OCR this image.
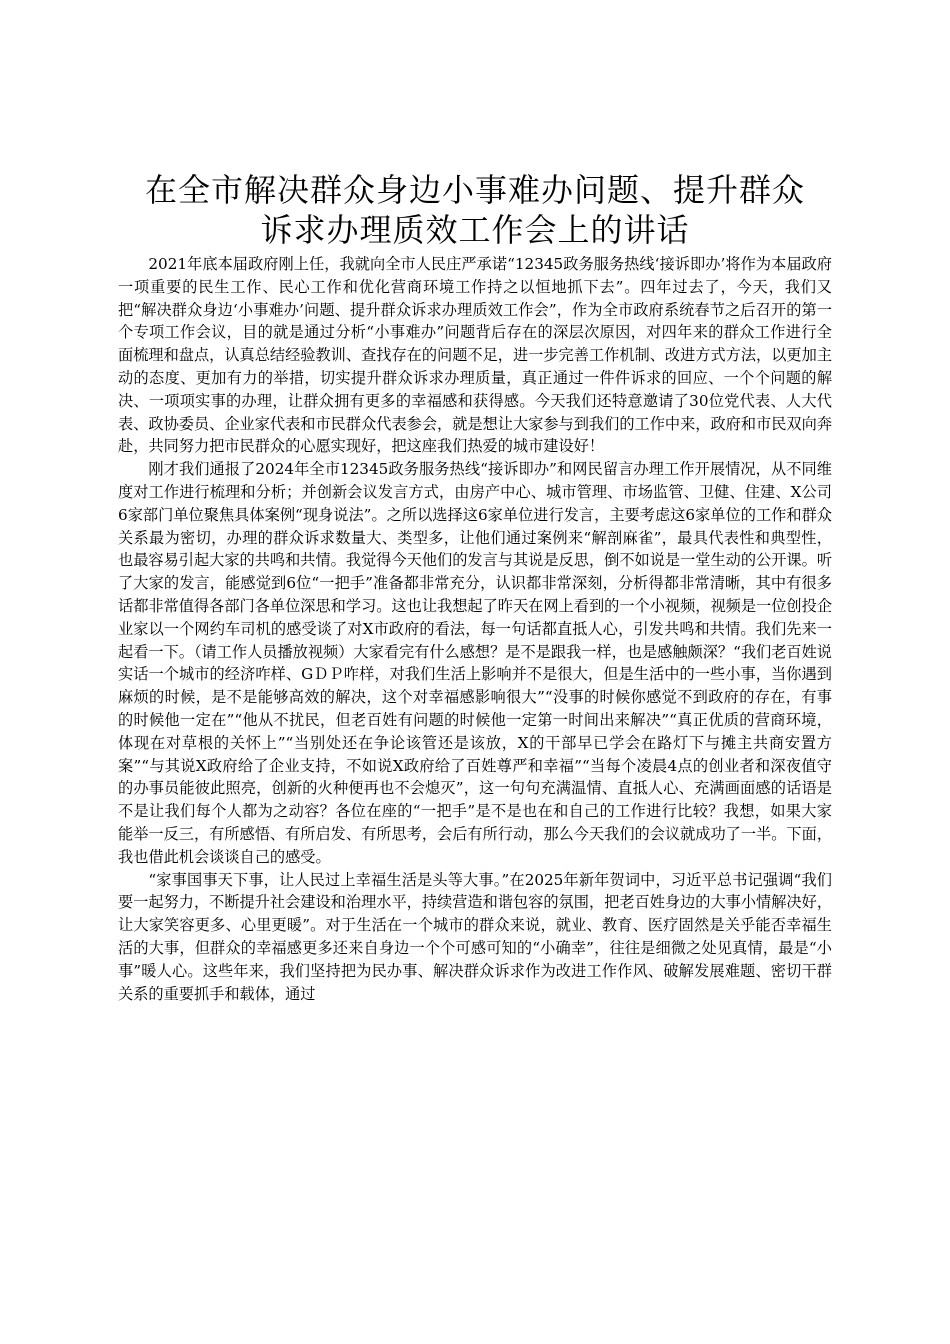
在全市解决群众身边小事难办问题、提升群众
诉求办理质效工作会上的讲话

2021年底本届政府刚上任，我就向全市人民庄严承诺“12345政务服务热线‘接诉即办’将作为本届政府一项重要的民生工作、民心工作和优化营商环境工作持之以恒地抓下去”。四年过去了，今天，我们又把“解决群众身边‘小事难办’问题、提升群众诉求办理质效工作会”，作为全市政府系统春节之后召开的第一个专项工作会议，目的就是通过分析“小事难办”问题背后存在的深层次原因，对四年来的群众工作进行全面梳理和盘点，认真总结经验教训、查找存在的问题不足，进一步完善工作机制、改进方式方法，以更加主动的态度、更加有力的举措，切实提升群众诉求办理质量，真正通过一件件诉求的回应、一个个问题的解决、一项项实事的办理，让群众拥有更多的幸福感和获得感。今天我们还特意邀请了30位党代表、人大代表、政协委员、企业家代表和市民群众代表参会，就是想让大家参与到我们的工作中来，政府和市民双向奔赴，共同努力把市民群众的心愿实现好，把这座我们热爱的城市建设好！

刚才我们通报了2024年全市12345政务服务热线“接诉即办”和网民留言办理工作开展情况，从不同维度对工作进行梳理和分析；并创新会议发言方式，由房产中心、城市管理、市场监管、卫健、住建、X公司6家部门单位聚焦具体案例“现身说法”。之所以选择这6家单位进行发言，主要考虑这6家单位的工作和群众关系最为密切，办理的群众诉求数量大、类型多，让他们通过案例来“解剖麻雀”，最具代表性和典型性，也最容易引起大家的共鸣和共情。我觉得今天他们的发言与其说是反思，倒不如说是一堂生动的公开课。听了大家的发言，能感觉到6位“一把手”准备都非常充分，认识都非常深刻，分析得都非常清晰，其中有很多话都非常值得各部门各单位深思和学习。这也让我想起了昨天在网上看到的一个小视频，视频是一位创投企业家以一个网约车司机的感受谈了对X市政府的看法，每一句话都直抵人心，引发共鸣和共情。我们先来一起看一下。（请工作人员播放视频）大家看完有什么感想？是不是跟我一样，也是感触颇深？“我们老百姓说实话一个城市的经济咋样、GＤＰ咋样，对我们生活上影响并不是很大，但是生活中的一些小事，当你遇到麻烦的时候，是不是能够高效的解决，这个对幸福感影响很大”“没事的时候你感觉不到政府的存在，有事的时候他一定在”“他从不扰民，但老百姓有问题的时候他一定第一时间出来解决”“真正优质的营商环境，体现在对草根的关怀上”“当别处还在争论该管还是该放，X的干部早已学会在路灯下与摊主共商安置方案”“与其说X政府给了企业支持，不如说X政府给了百姓尊严和幸福”“当每个凌晨4点的创业者和深夜值守的办事员能彼此照亮，创新的火种便再也不会熄灭”，这一句句充满温情、直抵人心、充满画面感的话语是不是让我们每个人都为之动容？各位在座的“一把手”是不是也在和自己的工作进行比较？我想，如果大家能举一反三，有所感悟、有所启发、有所思考，会后有所行动，那么今天我们的会议就成功了一半。下面，我也借此机会谈谈自己的感受。

“家事国事天下事，让人民过上幸福生活是头等大事。”在2025年新年贺词中，习近平总书记强调“我们要一起努力，不断提升社会建设和治理水平，持续营造和谐包容的氛围，把老百姓身边的大事小情解决好，让大家笑容更多、心里更暖”。对于生活在一个城市的群众来说，就业、教育、医疗固然是关乎能否幸福生活的大事，但群众的幸福感更多还来自身边一个个可感可知的“小确幸”，往往是细微之处见真情，最是“小事”暖人心。这些年来，我们坚持把为民办事、解决群众诉求作为改进工作作风、破解发展难题、密切干群关系的重要抓手和载体，通过
